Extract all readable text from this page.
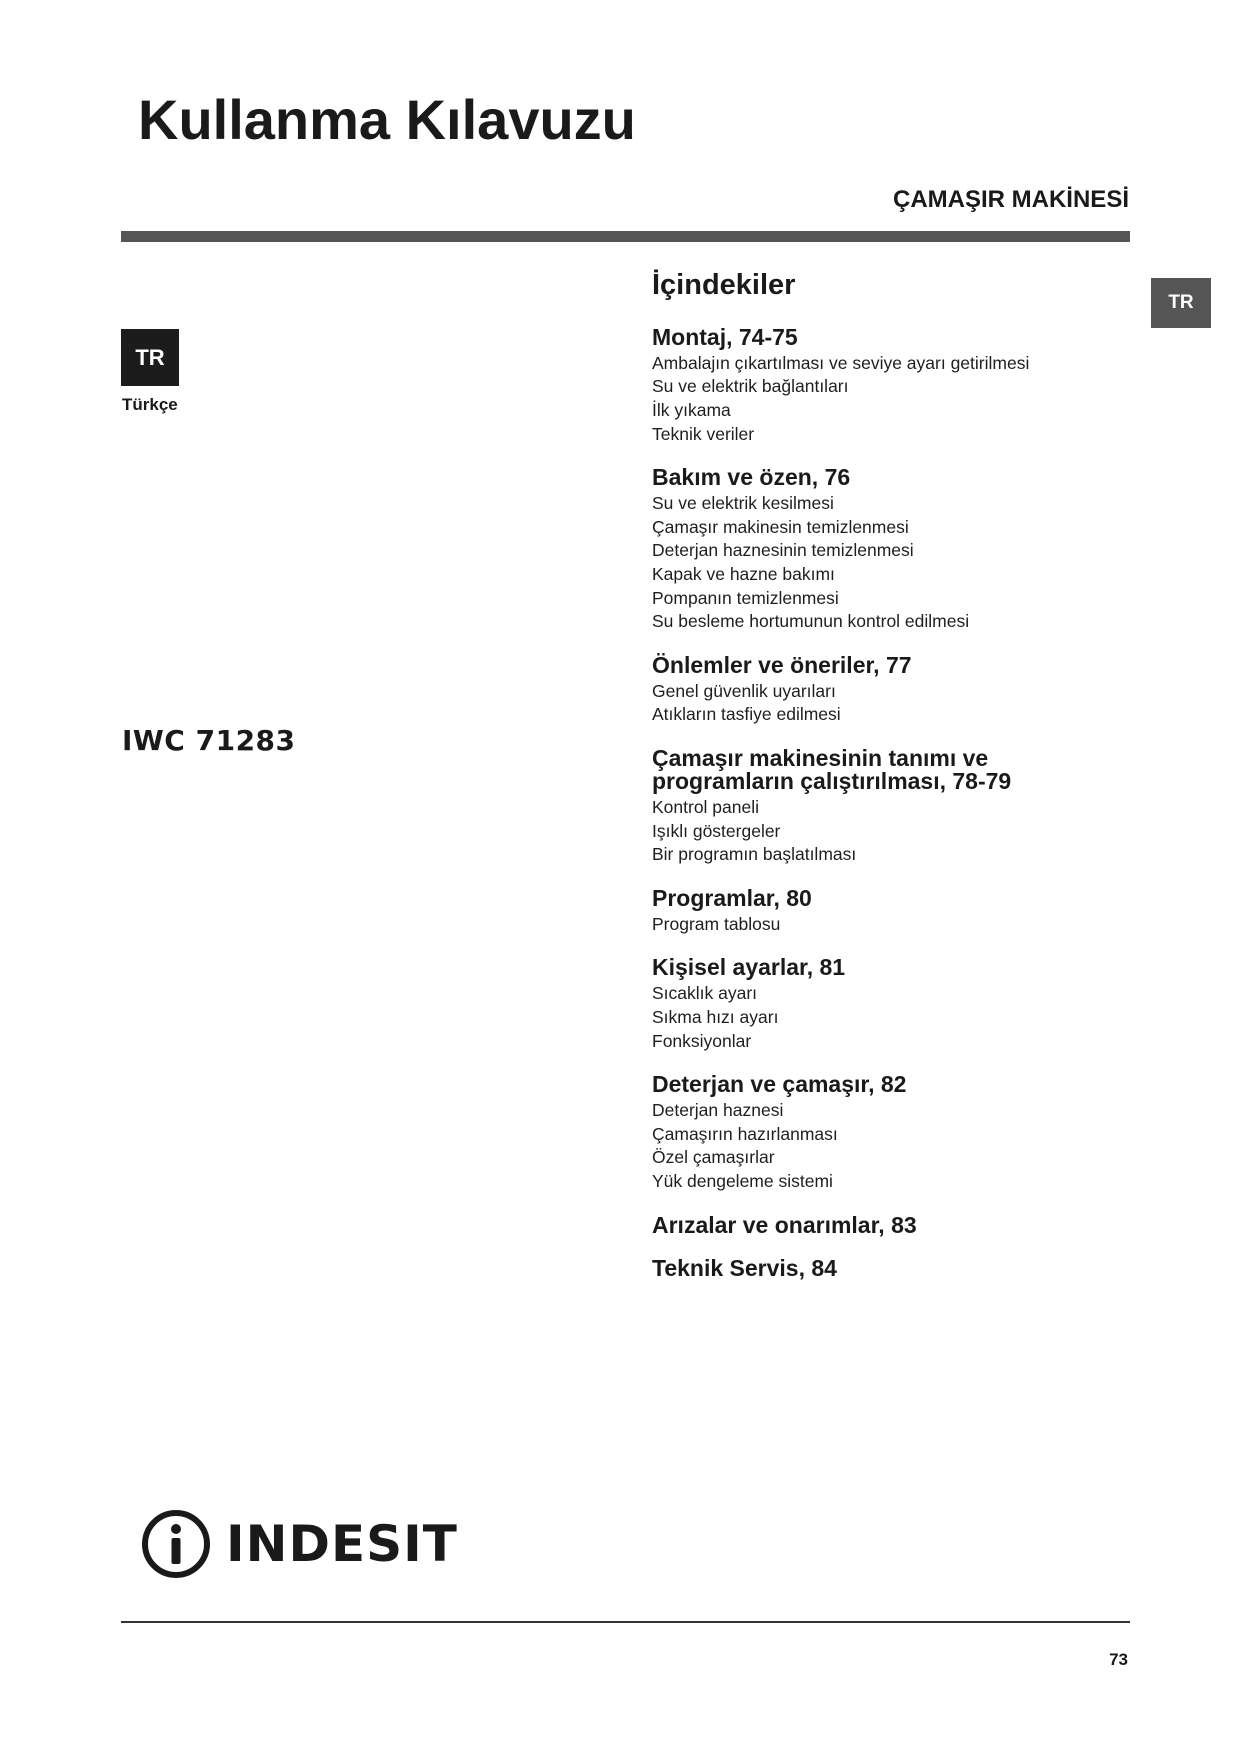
Kullanma Kılavuzu
ÇAMAŞIR MAKİNESİ
TR
TR
Türkçe
IWC 71283
İçindekiler
Montaj, 74-75
Ambalajın çıkartılması ve seviye ayarı getirilmesi
Su ve elektrik bağlantıları
İlk yıkama
Teknik veriler
Bakım ve özen, 76
Su ve elektrik kesilmesi
Çamaşır makinesin temizlenmesi
Deterjan haznesinin temizlenmesi
Kapak ve hazne bakımı
Pompanın temizlenmesi
Su besleme hortumunun kontrol edilmesi
Önlemler ve öneriler, 77
Genel güvenlik uyarıları
Atıkların tasfiye edilmesi
Çamaşır makinesinin tanımı ve programların çalıştırılması, 78-79
Kontrol paneli
Işıklı göstergeler
Bir programın başlatılması
Programlar, 80
Program tablosu
Kişisel ayarlar, 81
Sıcaklık ayarı
Sıkma hızı ayarı
Fonksiyonlar
Deterjan ve çamaşır, 82
Deterjan haznesi
Çamaşırın hazırlanması
Özel çamaşırlar
Yük dengeleme sistemi
Arızalar ve onarımlar, 83
Teknik Servis, 84
INDESIT
73
